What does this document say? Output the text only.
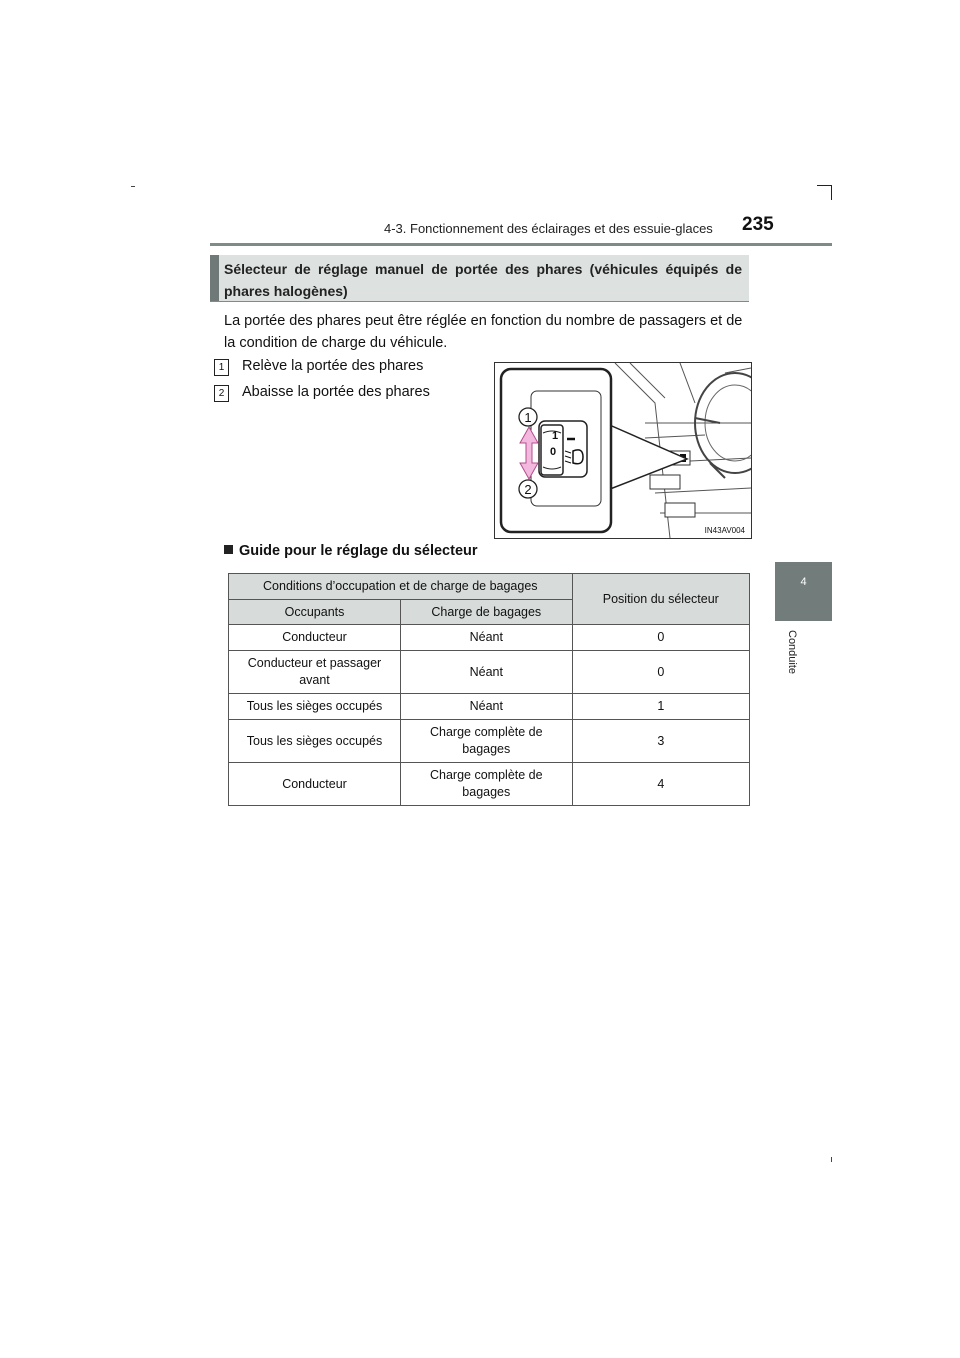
4-3. Fonctionnement des éclairages et des essuie-glaces 235
4
Conduite
Sélecteur de réglage manuel de portée des phares (véhicules équipés de phares halogènes)
La portée des phares peut être réglée en fonction du nombre de passagers et de la condition de charge du véhicule.
1	Relève la portée des phares
2	Abaisse la portée des phares
1
2
1
0
IN43AV004
Guide pour le réglage du sélecteur
Conditions d’occupation et de charge de bagages		Position du sélecteur
Occupants	Charge de bagages	
Conducteur	Néant	0
Conducteur et passager avant	Néant	0
Tous les sièges occupés	Néant	1
Tous les sièges occupés	Charge complète de bagages	3
Conducteur	Charge complète de bagages	4
